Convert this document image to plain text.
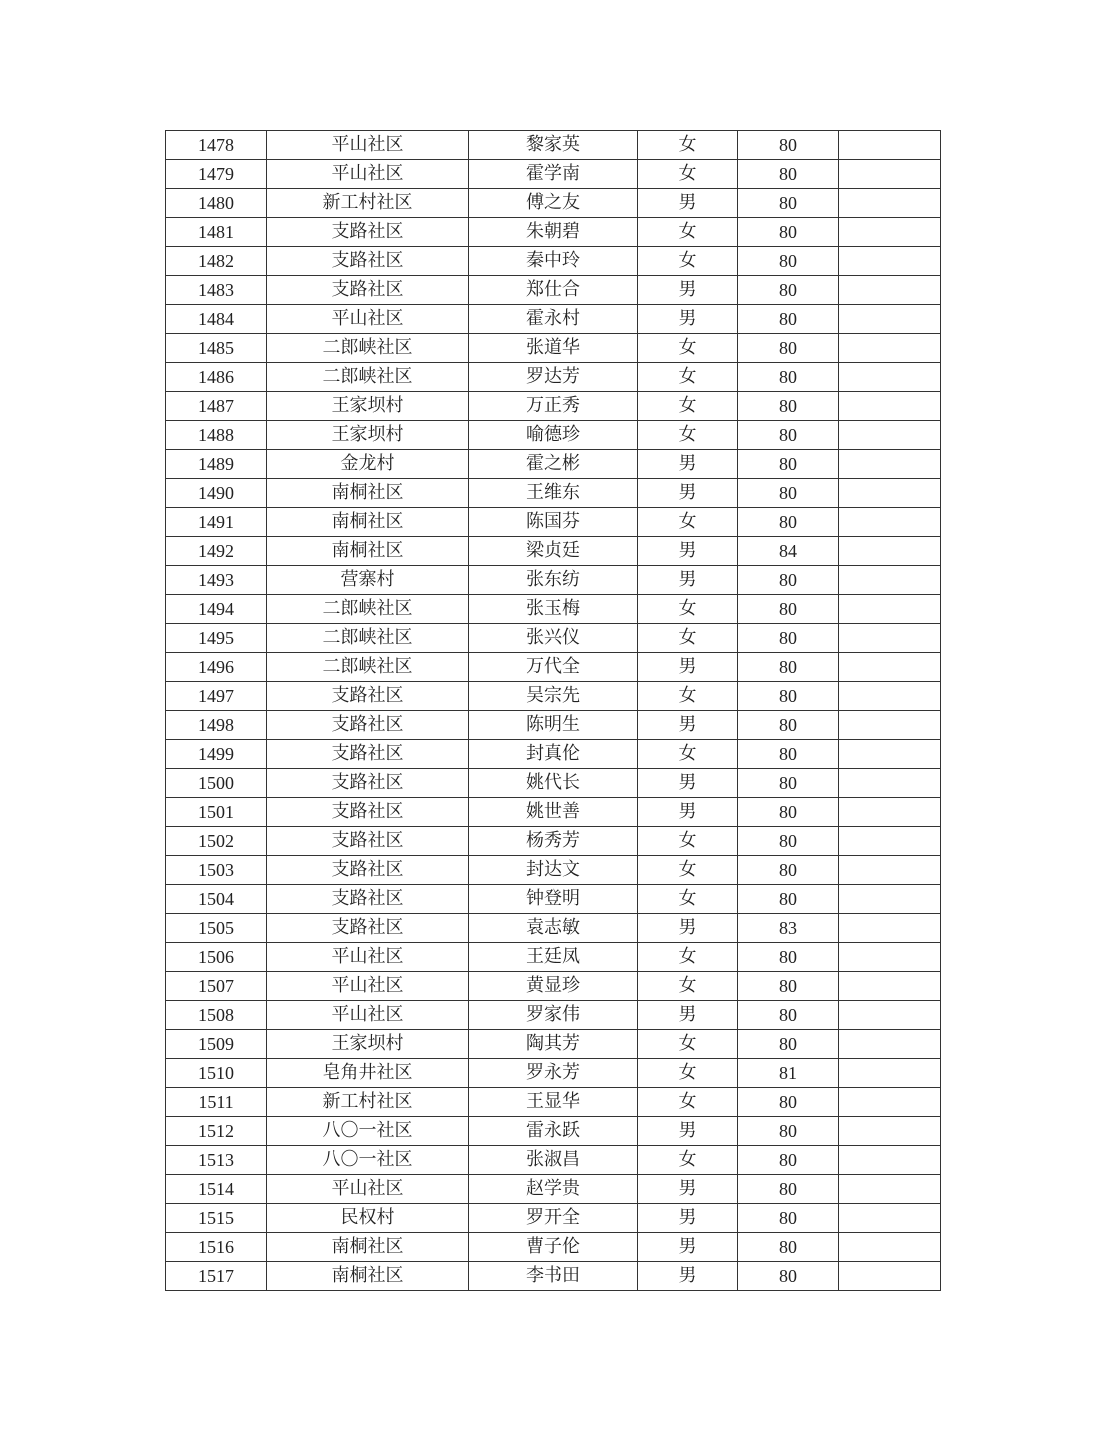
1478	平山社区	黎家英	女	80	
1479	平山社区	霍学南	女	80	
1480	新工村社区	傅之友	男	80	
1481	支路社区	朱朝碧	女	80	
1482	支路社区	秦中玲	女	80	
1483	支路社区	郑仕合	男	80	
1484	平山社区	霍永村	男	80	
1485	二郎峡社区	张道华	女	80	
1486	二郎峡社区	罗达芳	女	80	
1487	王家坝村	万正秀	女	80	
1488	王家坝村	喻德珍	女	80	
1489	金龙村	霍之彬	男	80	
1490	南桐社区	王维东	男	80	
1491	南桐社区	陈国芬	女	80	
1492	南桐社区	梁贞廷	男	84	
1493	营寨村	张东纺	男	80	
1494	二郎峡社区	张玉梅	女	80	
1495	二郎峡社区	张兴仪	女	80	
1496	二郎峡社区	万代全	男	80	
1497	支路社区	吴宗先	女	80	
1498	支路社区	陈明生	男	80	
1499	支路社区	封真伦	女	80	
1500	支路社区	姚代长	男	80	
1501	支路社区	姚世善	男	80	
1502	支路社区	杨秀芳	女	80	
1503	支路社区	封达文	女	80	
1504	支路社区	钟登明	女	80	
1505	支路社区	袁志敏	男	83	
1506	平山社区	王廷凤	女	80	
1507	平山社区	黄显珍	女	80	
1508	平山社区	罗家伟	男	80	
1509	王家坝村	陶其芳	女	80	
1510	皂角井社区	罗永芳	女	81	
1511	新工村社区	王显华	女	80	
1512	八〇一社区	雷永跃	男	80	
1513	八〇一社区	张淑昌	女	80	
1514	平山社区	赵学贵	男	80	
1515	民权村	罗开全	男	80	
1516	南桐社区	曹子伦	男	80	
1517	南桐社区	李书田	男	80	
